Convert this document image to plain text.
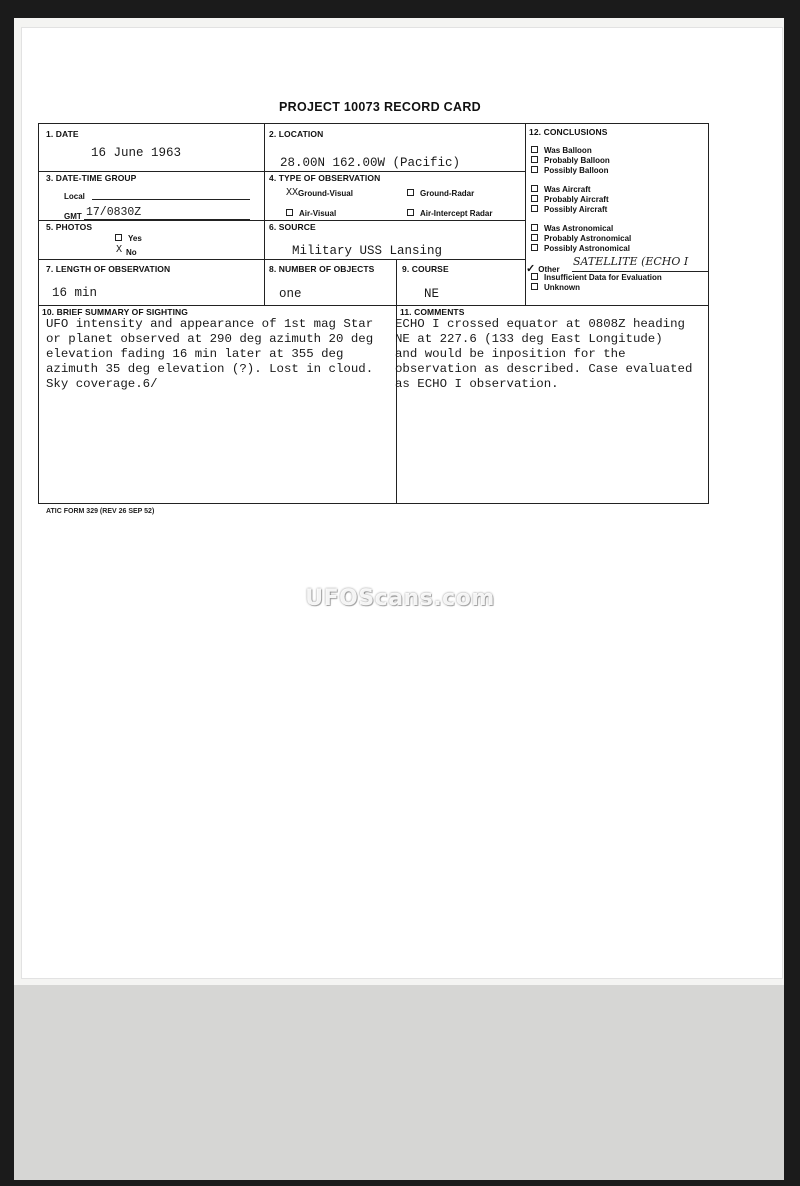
PROJECT 10073 RECORD CARD
1. DATE
16 June 1963
2. LOCATION
28.00N 162.00W (Pacific)
3. DATE-TIME GROUP
Local
GMT 17/0830Z
4. TYPE OF OBSERVATION
XX Ground-Visual	Ground-Radar
Air-Visual	Air-Intercept Radar
5. PHOTOS
Yes
X No
6. SOURCE
Military USS Lansing
7. LENGTH OF OBSERVATION
16 min
8. NUMBER OF OBJECTS
one
9. COURSE
NE
10. BRIEF SUMMARY OF SIGHTING
UFO intensity and appearance of 1st mag Star
or planet observed at 290 deg azimuth 20 deg
elevation fading 16 min later at 355 deg
azimuth 35 deg elevation (?). Lost in cloud.
Sky coverage.6/
11. COMMENTS
ECHO I crossed equator at 0808Z heading
NE at 227.6 (133 deg East Longitude)
and would be inposition for the
observation as described. Case evaluated
as ECHO I observation.
12. CONCLUSIONS
Was Balloon
Probably Balloon
Possibly Balloon
Was Aircraft
Probably Aircraft
Possibly Aircraft
Was Astronomical
Probably Astronomical
Possibly Astronomical
✓ Other
SATELLITE (ECHO I
Insufficient Data for Evaluation
Unknown
ATIC FORM 329 (REV 26 SEP 52)
UFOScans.com
